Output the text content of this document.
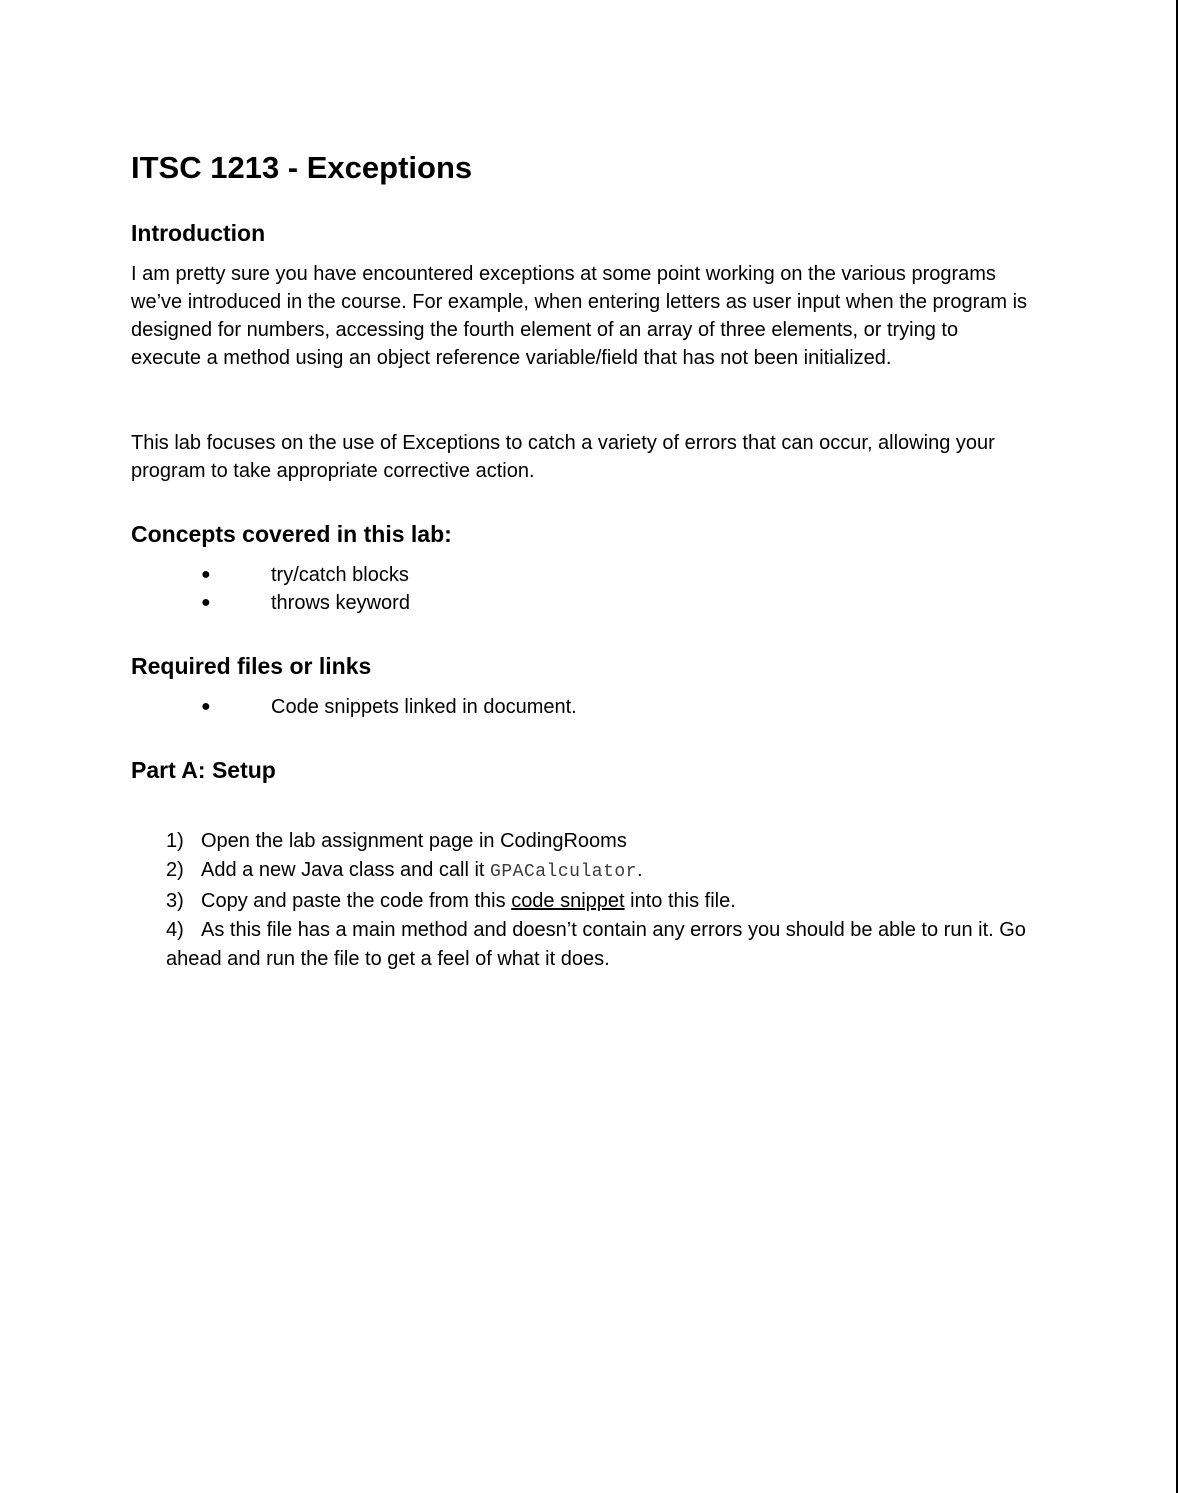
ITSC 1213 - Exceptions
Introduction

I am pretty sure you have encountered exceptions at some point working on the various programs we’ve introduced in the course. For example, when entering letters as user input when the program is designed for numbers, accessing the fourth element of an array of three elements, or trying to execute a method using an object reference variable/field that has not been initialized.

This lab focuses on the use of Exceptions to catch a variety of errors that can occur, allowing your program to take appropriate corrective action.

Concepts covered in this lab:
●	try/catch blocks
●	throws keyword
Required files or links
●	Code snippets linked in document.
Part A: Setup
1) Open the lab assignment page in CodingRooms
2) Add a new Java class and call it GPACalculator.
3) Copy and paste the code from this code snippet into this file.
4) As this file has a main method and doesn’t contain any errors you should be able to run it. Go ahead and run the file to get a feel of what it does.
